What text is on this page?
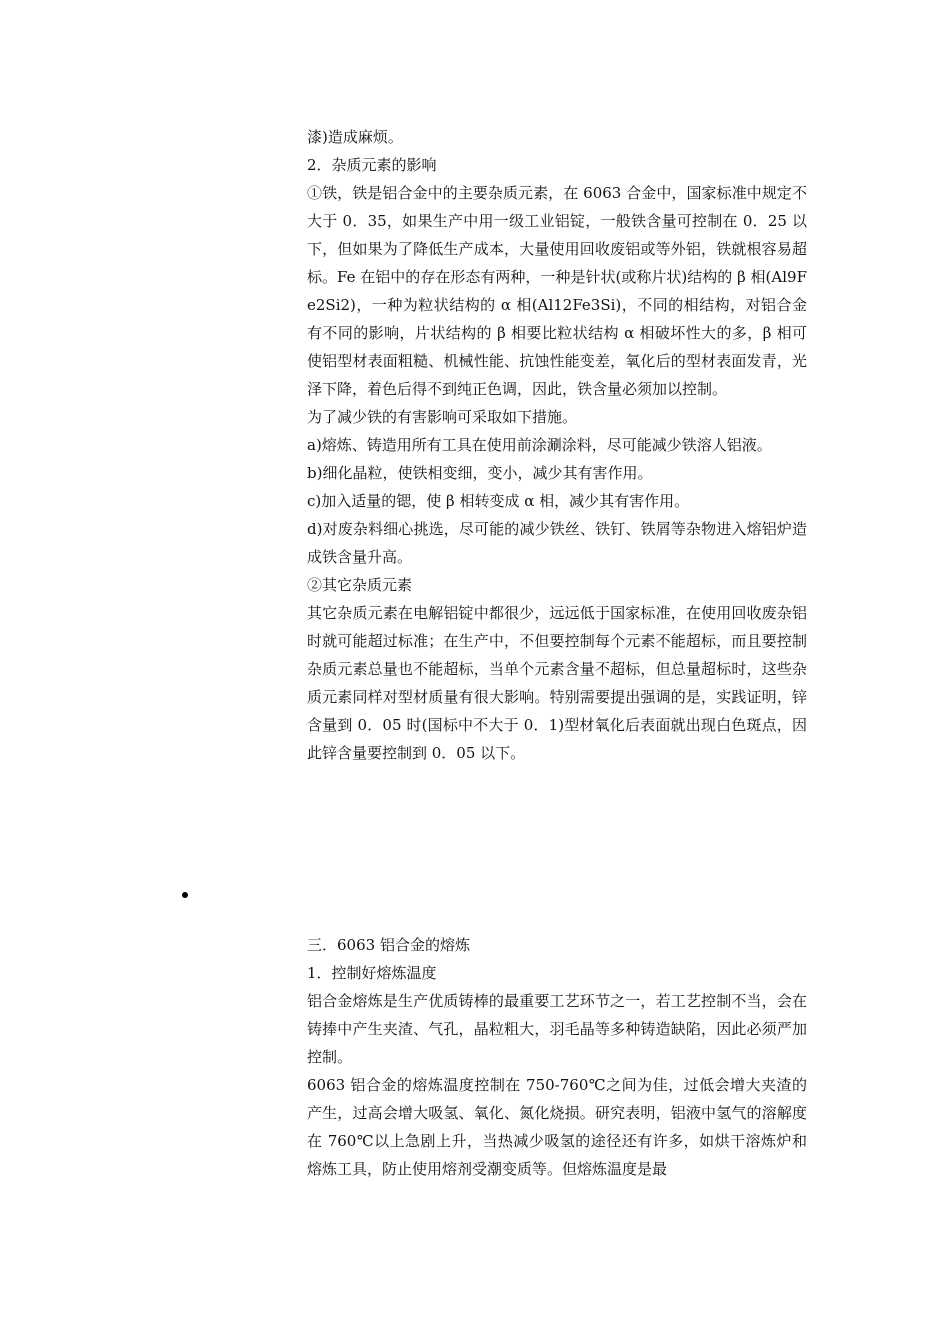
漆)造成麻烦。

2．杂质元素的影响

①铁，铁是铝合金中的主要杂质元素，在 6063 合金中，国家标准中规定不大于 0．35，如果生产中用一级工业铝锭，一般铁含量可控制在 0．25 以下，但如果为了降低生产成本，大量使用回收废铝或等外铝，铁就根容易超标。Fe 在铝中的存在形态有两种，一种是针状(或称片状)结构的 β 相(Al9Fe2Si2)，一种为粒状结构的 α 相(Al12Fe3Si)，不同的相结构，对铝合金有不同的影响，片状结构的 β 相要比粒状结构 α 相破坏性大的多，β 相可使铝型材表面粗糙、机械性能、抗蚀性能变差，氧化后的型材表面发青，光泽下降，着色后得不到纯正色调，因此，铁含量必须加以控制。

为了减少铁的有害影响可采取如下措施。

a)熔炼、铸造用所有工具在使用前涂涮涂料，尽可能减少铁溶人铝液。

b)细化晶粒，使铁相变细，变小，减少其有害作用。

c)加入适量的锶，使 β 相转变成 α 相，减少其有害作用。

d)对废杂料细心挑选，尽可能的减少铁丝、铁钉、铁屑等杂物进入熔铝炉造成铁含量升高。

②其它杂质元素

其它杂质元素在电解铝锭中都很少，远远低于国家标准，在使用回收废杂铝时就可能超过标准；在生产中，不但要控制每个元素不能超标，而且要控制杂质元素总量也不能超标，当单个元素含量不超标，但总量超标时，这些杂质元素同样对型材质量有很大影响。特别需要提出强调的是，实践证明，锌含量到 0．05 时(国标中不大于 0．1)型材氧化后表面就出现白色斑点，因此锌含量要控制到 0．05 以下。

三．6063 铝合金的熔炼

1．控制好熔炼温度

铝合金熔炼是生产优质铸棒的最重要工艺环节之一，若工艺控制不当，会在铸捧中产生夹渣、气孔，晶粒粗大，羽毛晶等多种铸造缺陷，因此必须严加控制。

6063 铝合金的熔炼温度控制在 750-760℃之间为佳，过低会增大夹渣的产生，过高会增大吸氢、氧化、氮化烧损。研究表明，铝液中氢气的溶解度在 760℃以上急剧上升，当热减少吸氢的途径还有许多，如烘干溶炼炉和熔炼工具，防止使用熔剂受潮变质等。但熔炼温度是最
